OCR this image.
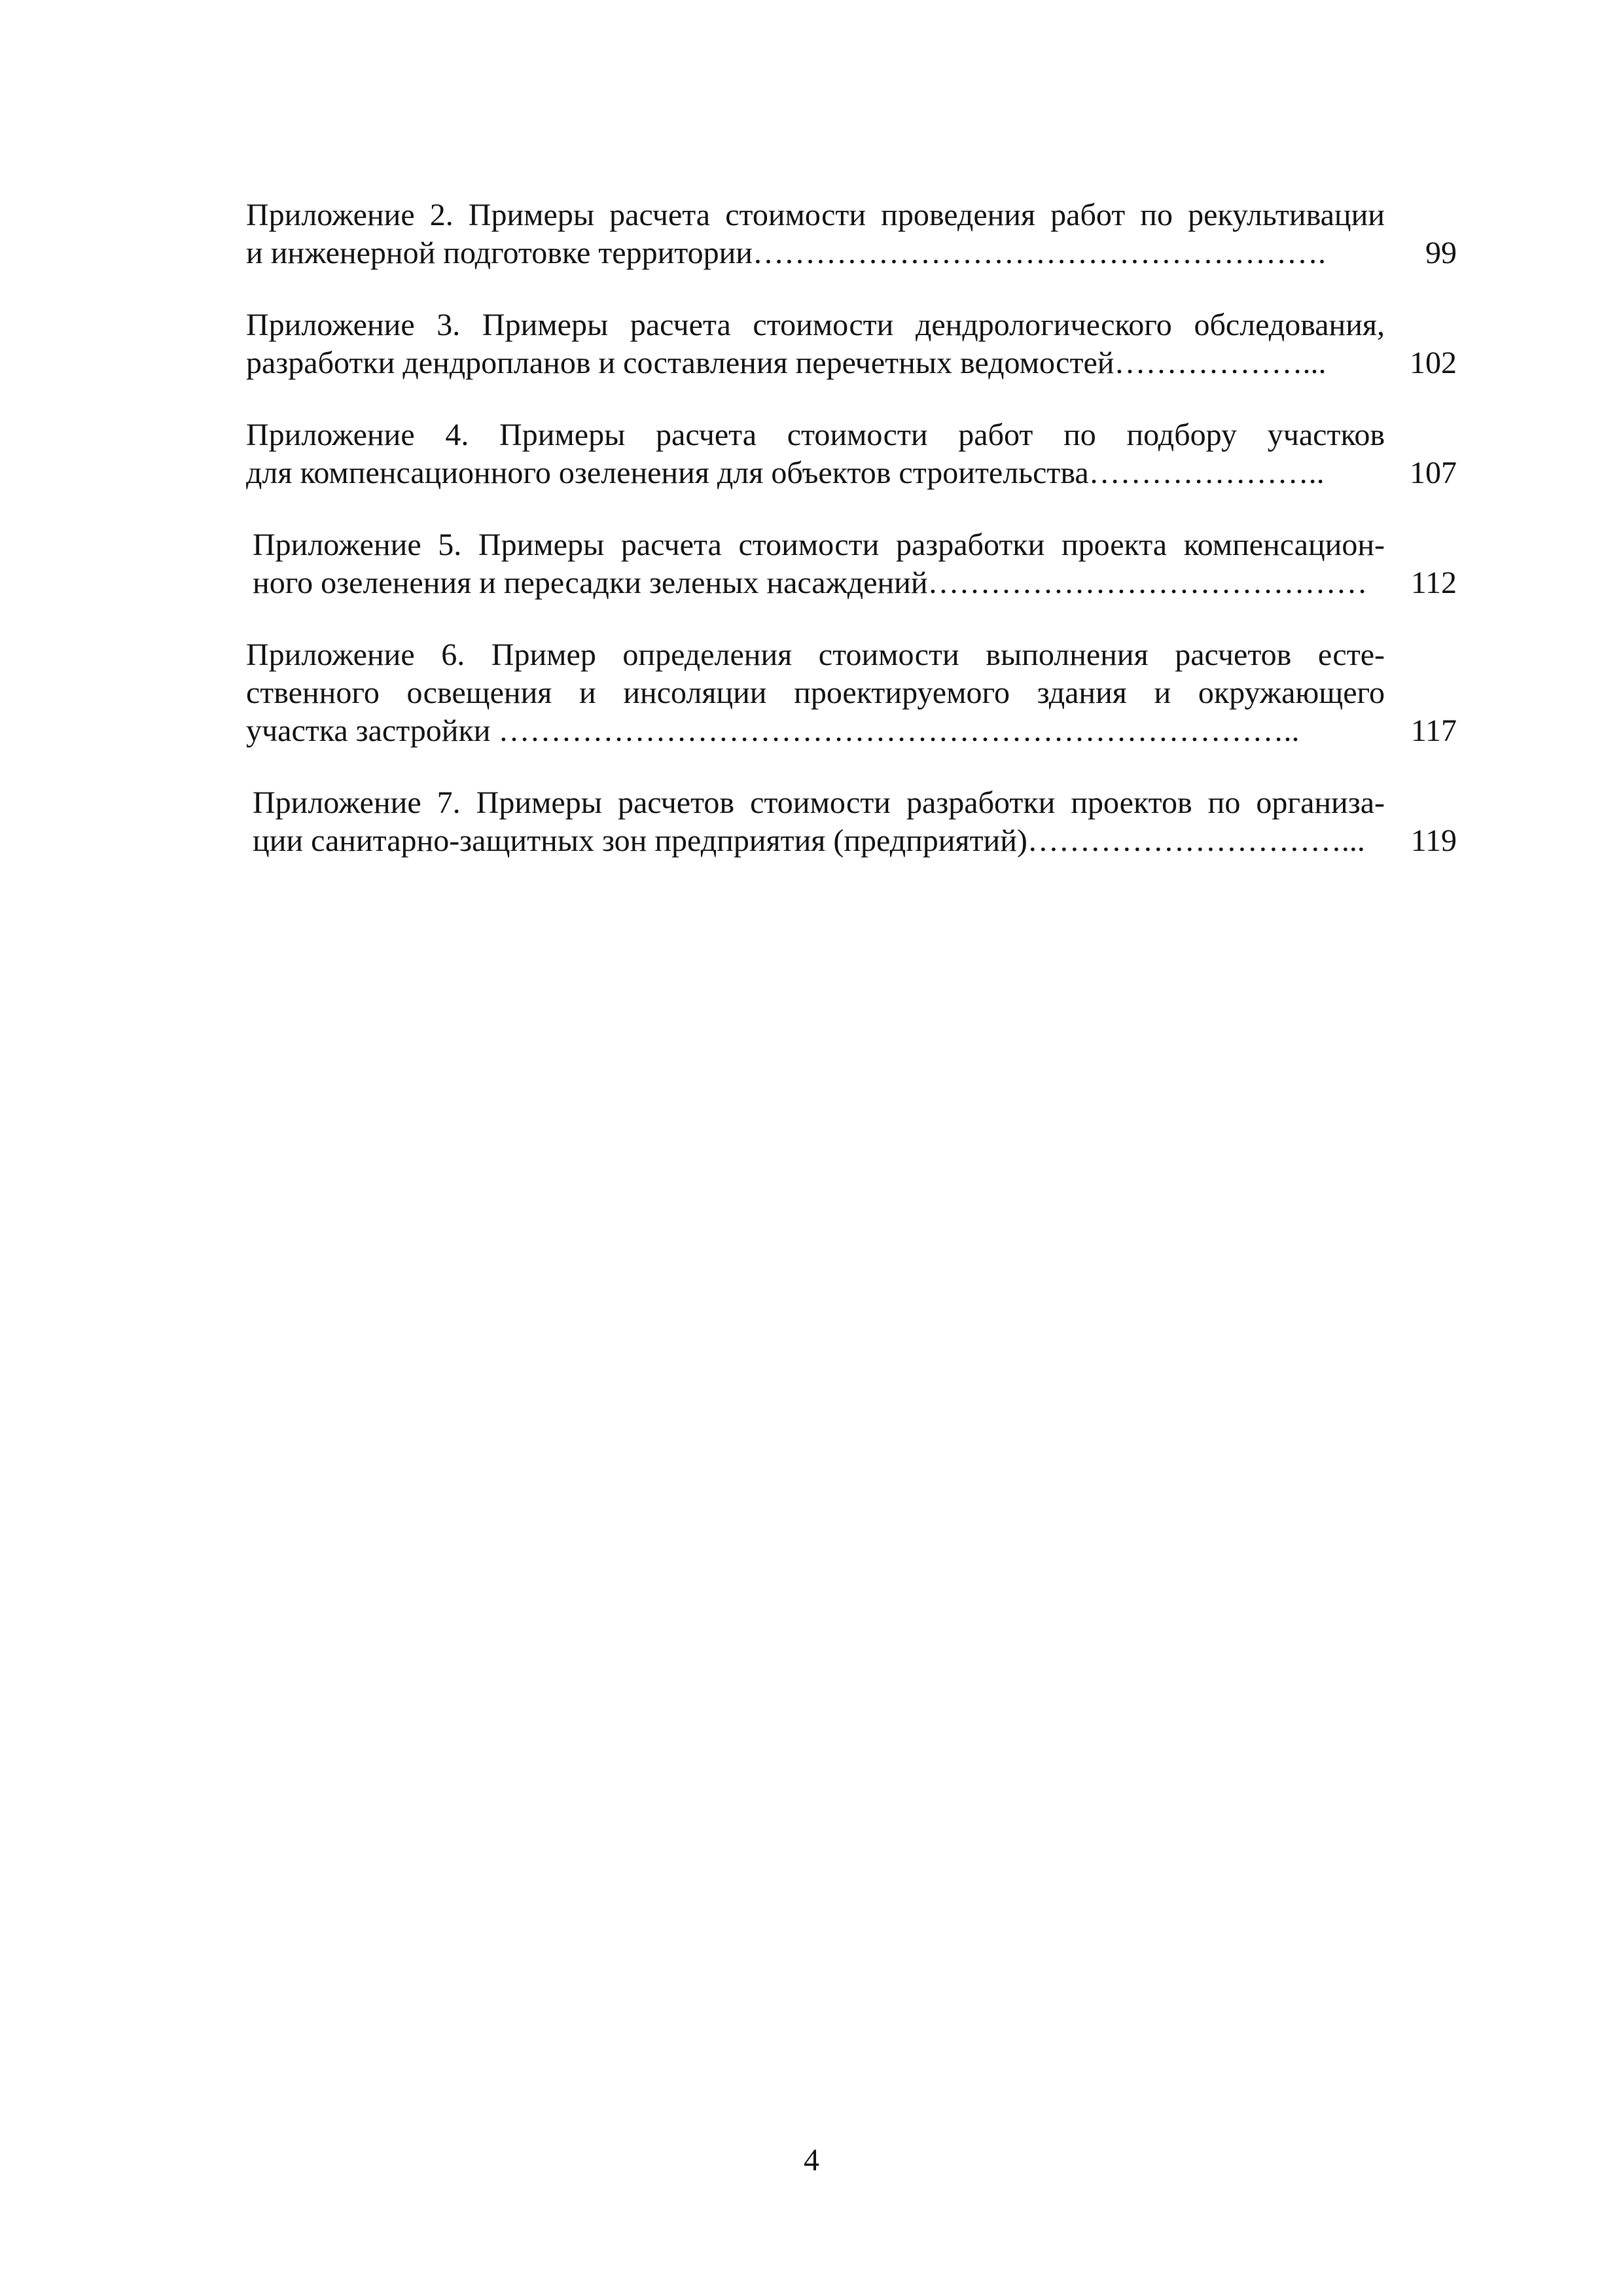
Приложение 2. Примеры расчета стоимости проведения работ по рекультивации
и инженерной подготовке территории……………………………………………….	99
Приложение 3. Примеры расчета стоимости дендрологического обследования,
разработки дендропланов и составления перечетных ведомостей………………...	102
Приложение 4. Примеры расчета стоимости работ по подбору участков
для компенсационного озеленения для объектов строительства…………………..	107
Приложение 5. Примеры расчета стоимости разработки проекта компенсацион-
ного озеленения и пересадки зеленых насаждений……………………………………	112
Приложение 6. Пример определения стоимости выполнения расчетов есте-
ственного освещения и инсоляции проектируемого здания и окружающего
участка застройки …………………………………………………………………..	117
Приложение 7. Примеры расчетов стоимости разработки проектов по организа-
ции санитарно-защитных зон предприятия (предприятий)…………………………...	119
4
